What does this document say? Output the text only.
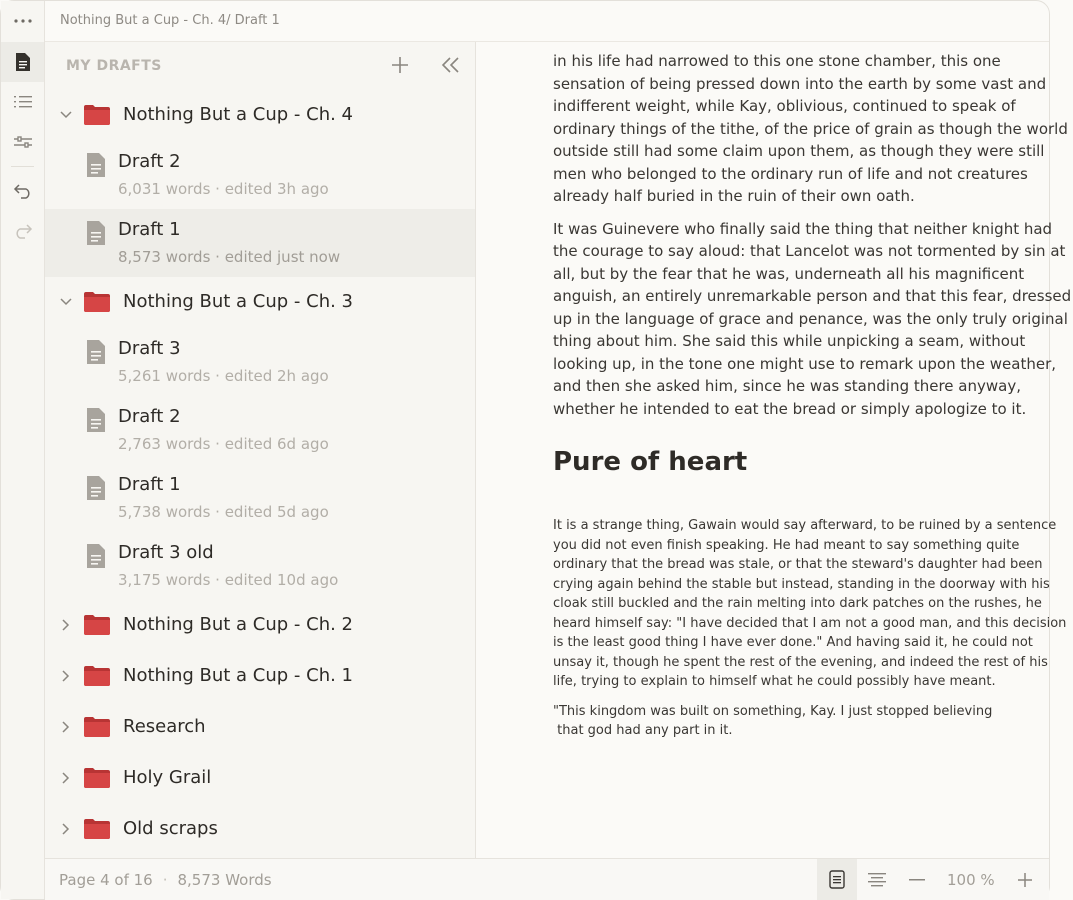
Nothing But a Cup - Ch. 4/ Draft 1
MY DRAFTS
Nothing But a Cup - Ch. 4
Draft 2
6,031 words · edited 3h ago
Draft 1
8,573 words · edited just now
Nothing But a Cup - Ch. 3
Draft 3
5,261 words · edited 2h ago
Draft 2
2,763 words · edited 6d ago
Draft 1
5,738 words · edited 5d ago
Draft 3 old
3,175 words · edited 10d ago
Nothing But a Cup - Ch. 2
Nothing But a Cup - Ch. 1
Research
Holy Grail
Old scraps

in his life had narrowed to this one stone chamber, this one sensation of being pressed down into the earth by some vast and indifferent weight, while Kay, oblivious, continued to speak of ordinary things of the tithe, of the price of grain as though the world outside still had some claim upon them, as though they were still men who belonged to the ordinary run of life and not creatures already half buried in the ruin of their own oath.

It was Guinevere who finally said the thing that neither knight had the courage to say aloud: that Lancelot was not tormented by sin at all, but by the fear that he was, underneath all his magnificent anguish, an entirely unremarkable person and that this fear, dressed up in the language of grace and penance, was the only truly original thing about him. She said this while unpicking a seam, without looking up, in the tone one might use to remark upon the weather, and then she asked him, since he was standing there anyway, whether he intended to eat the bread or simply apologize to it.

Pure of heart

It is a strange thing, Gawain would say afterward, to be ruined by a sentence you did not even finish speaking. He had meant to say something quite ordinary that the bread was stale, or that the steward's daughter had been crying again behind the stable but instead, standing in the doorway with his cloak still buckled and the rain melting into dark patches on the rushes, he heard himself say: "I have decided that I am not a good man, and this decision is the least good thing I have ever done." And having said it, he could not unsay it, though he spent the rest of the evening, and indeed the rest of his life, trying to explain to himself what he could possibly have meant.

"This kingdom was built on something, Kay. I just stopped believing
that god had any part in it.

Page 4 of 16 · 8,573 Words	100 %
